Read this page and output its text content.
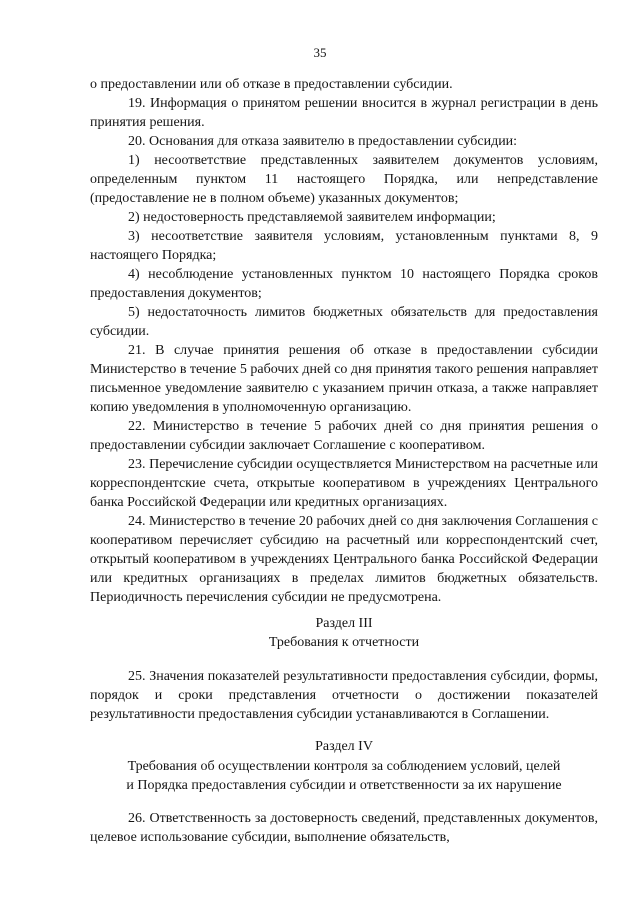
35

о предоставлении или об отказе в предоставлении субсидии.

19. Информация о принятом решении вносится в журнал регистрации в день принятия решения.

20. Основания для отказа заявителю в предоставлении субсидии:

1) несоответствие представленных заявителем документов условиям, определенным пунктом 11 настоящего Порядка, или непредставление (предоставление не в полном объеме) указанных документов;

2) недостоверность представляемой заявителем информации;

3) несоответствие заявителя условиям, установленным пунктами 8, 9 настоящего Порядка;

4) несоблюдение установленных пунктом 10 настоящего Порядка сроков предоставления документов;

5) недостаточность лимитов бюджетных обязательств для предоставления субсидии.

21. В случае принятия решения об отказе в предоставлении субсидии Министерство в течение 5 рабочих дней со дня принятия такого решения направляет письменное уведомление заявителю с указанием причин отказа, а также направляет копию уведомления в уполномоченную организацию.

22. Министерство в течение 5 рабочих дней со дня принятия решения о предоставлении субсидии заключает Соглашение с кооперативом.

23. Перечисление субсидии осуществляется Министерством на расчетные или корреспондентские счета, открытые кооперативом в учреждениях Центрального банка Российской Федерации или кредитных организациях.

24. Министерство в течение 20 рабочих дней со дня заключения Соглашения с кооперативом перечисляет субсидию на расчетный или корреспондентский счет, открытый кооперативом в учреждениях Центрального банка Российской Федерации или кредитных организациях в пределах лимитов бюджетных обязательств. Периодичность перечисления субсидии не предусмотрена.

Раздел III

Требования к отчетности

25. Значения показателей результативности предоставления субсидии, формы, порядок и сроки представления отчетности о достижении показателей результативности предоставления субсидии устанавливаются в Соглашении.

Раздел IV

Требования об осуществлении контроля за соблюдением условий, целей

и Порядка предоставления субсидии и ответственности за их нарушение

26. Ответственность за достоверность сведений, представленных документов, целевое использование субсидии, выполнение обязательств,
